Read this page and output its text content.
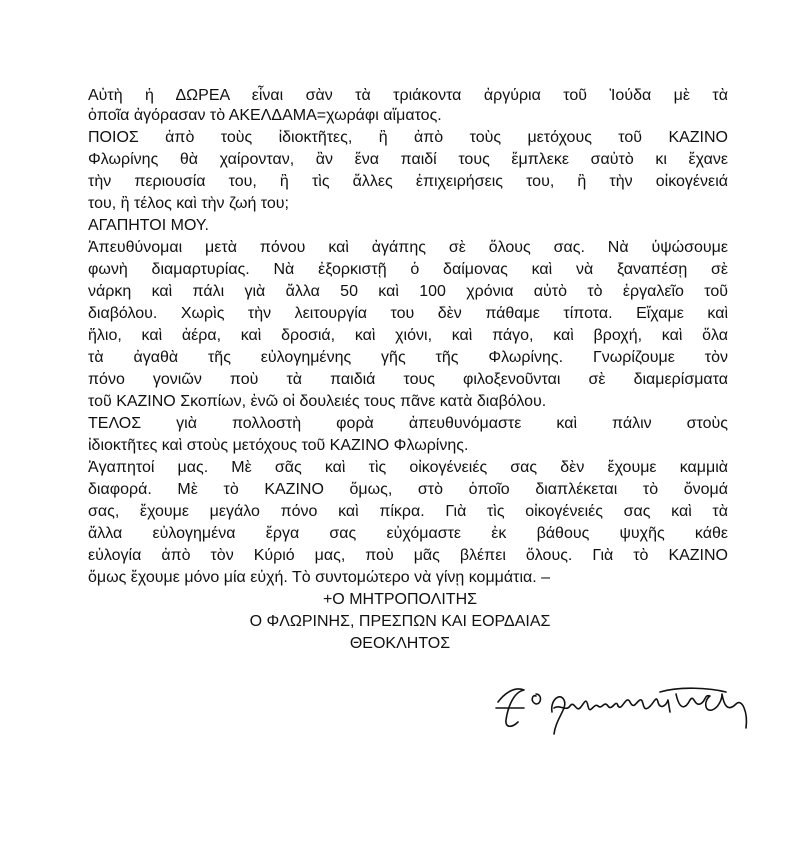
Αὐτὴ ἡ ΔΩΡΕΑ εἶναι σὰν τὰ τριάκοντα ἀργύρια τοῦ Ἰούδα μὲ τὰ
ὁποῖα ἀγόρασαν τὸ ΑΚΕΛΔΑΜΑ=χωράφι αἵματος.
ΠΟΙΟΣ ἀπὸ τοὺς ἰδιοκτῆτες, ἢ ἀπὸ τοὺς μετόχους τοῦ ΚΑΖΙΝΟ
Φλωρίνης θὰ χαίρονταν, ἂν ἕνα παιδί τους ἔμπλεκε σαὐτὸ κι ἔχανε
τὴν περιουσία του, ἢ τὶς ἄλλες ἐπιχειρήσεις του, ἢ τὴν οἰκογένειά
του, ἢ τέλος καὶ τὴν ζωή του;
ΑΓΑΠΗΤΟΙ ΜΟΥ.
Ἀπευθύνομαι μετὰ πόνου καὶ ἀγάπης σὲ ὅλους σας. Νὰ ὑψώσουμε
φωνὴ διαμαρτυρίας. Νὰ ἐξορκιστῇ ὁ δαίμονας καὶ νὰ ξαναπέσῃ σὲ
νάρκη καὶ πάλι γιὰ ἄλλα 50 καὶ 100 χρόνια αὐτὸ τὸ ἐργαλεῖο τοῦ
διαβόλου. Χωρὶς τὴν λειτουργία του δὲν πάθαμε τίποτα. Εἴχαμε καὶ
ἥλιο, καὶ ἀέρα, καὶ δροσιά, καὶ χιόνι, καὶ πάγο, καὶ βροχή, καὶ ὅλα
τὰ ἀγαθὰ τῆς εὐλογημένης γῆς τῆς Φλωρίνης. Γνωρίζουμε τὸν
πόνο γονιῶν ποὺ τὰ παιδιά τους φιλοξενοῦνται σὲ διαμερίσματα
τοῦ ΚΑΖΙΝΟ Σκοπίων, ἐνῶ οἱ δουλειές τους πᾶνε κατὰ διαβόλου.
ΤΕΛΟΣ γιὰ πολλοστὴ φορὰ ἀπευθυνόμαστε καὶ πάλιν στοὺς
ἰδιοκτῆτες καὶ στοὺς μετόχους τοῦ ΚΑΖΙΝΟ Φλωρίνης.
Ἀγαπητοί μας. Μὲ σᾶς καὶ τὶς οἰκογένειές σας δὲν ἔχουμε καμμιὰ
διαφορά. Μὲ τὸ ΚΑΖΙΝΟ ὅμως, στὸ ὁποῖο διαπλέκεται τὸ ὄνομά
σας, ἔχουμε μεγάλο πόνο καὶ πίκρα. Γιὰ τὶς οἰκογένειές σας καὶ τὰ
ἄλλα εὐλογημένα ἔργα σας εὐχόμαστε ἐκ βάθους ψυχῆς κάθε
εὐλογία ἀπὸ τὸν Κύριό μας, ποὺ μᾶς βλέπει ὅλους. Γιὰ τὸ ΚΑΖΙΝΟ
ὅμως ἔχουμε μόνο μία εὐχή. Τὸ συντομώτερο νὰ γίνῃ κομμάτια. –
+Ο ΜΗΤΡΟΠΟΛΙΤΗΣ
Ο ΦΛΩΡΙΝΗΣ, ΠΡΕΣΠΩΝ ΚΑΙ ΕΟΡΔΑΙΑΣ
ΘΕΟΚΛΗΤΟΣ
